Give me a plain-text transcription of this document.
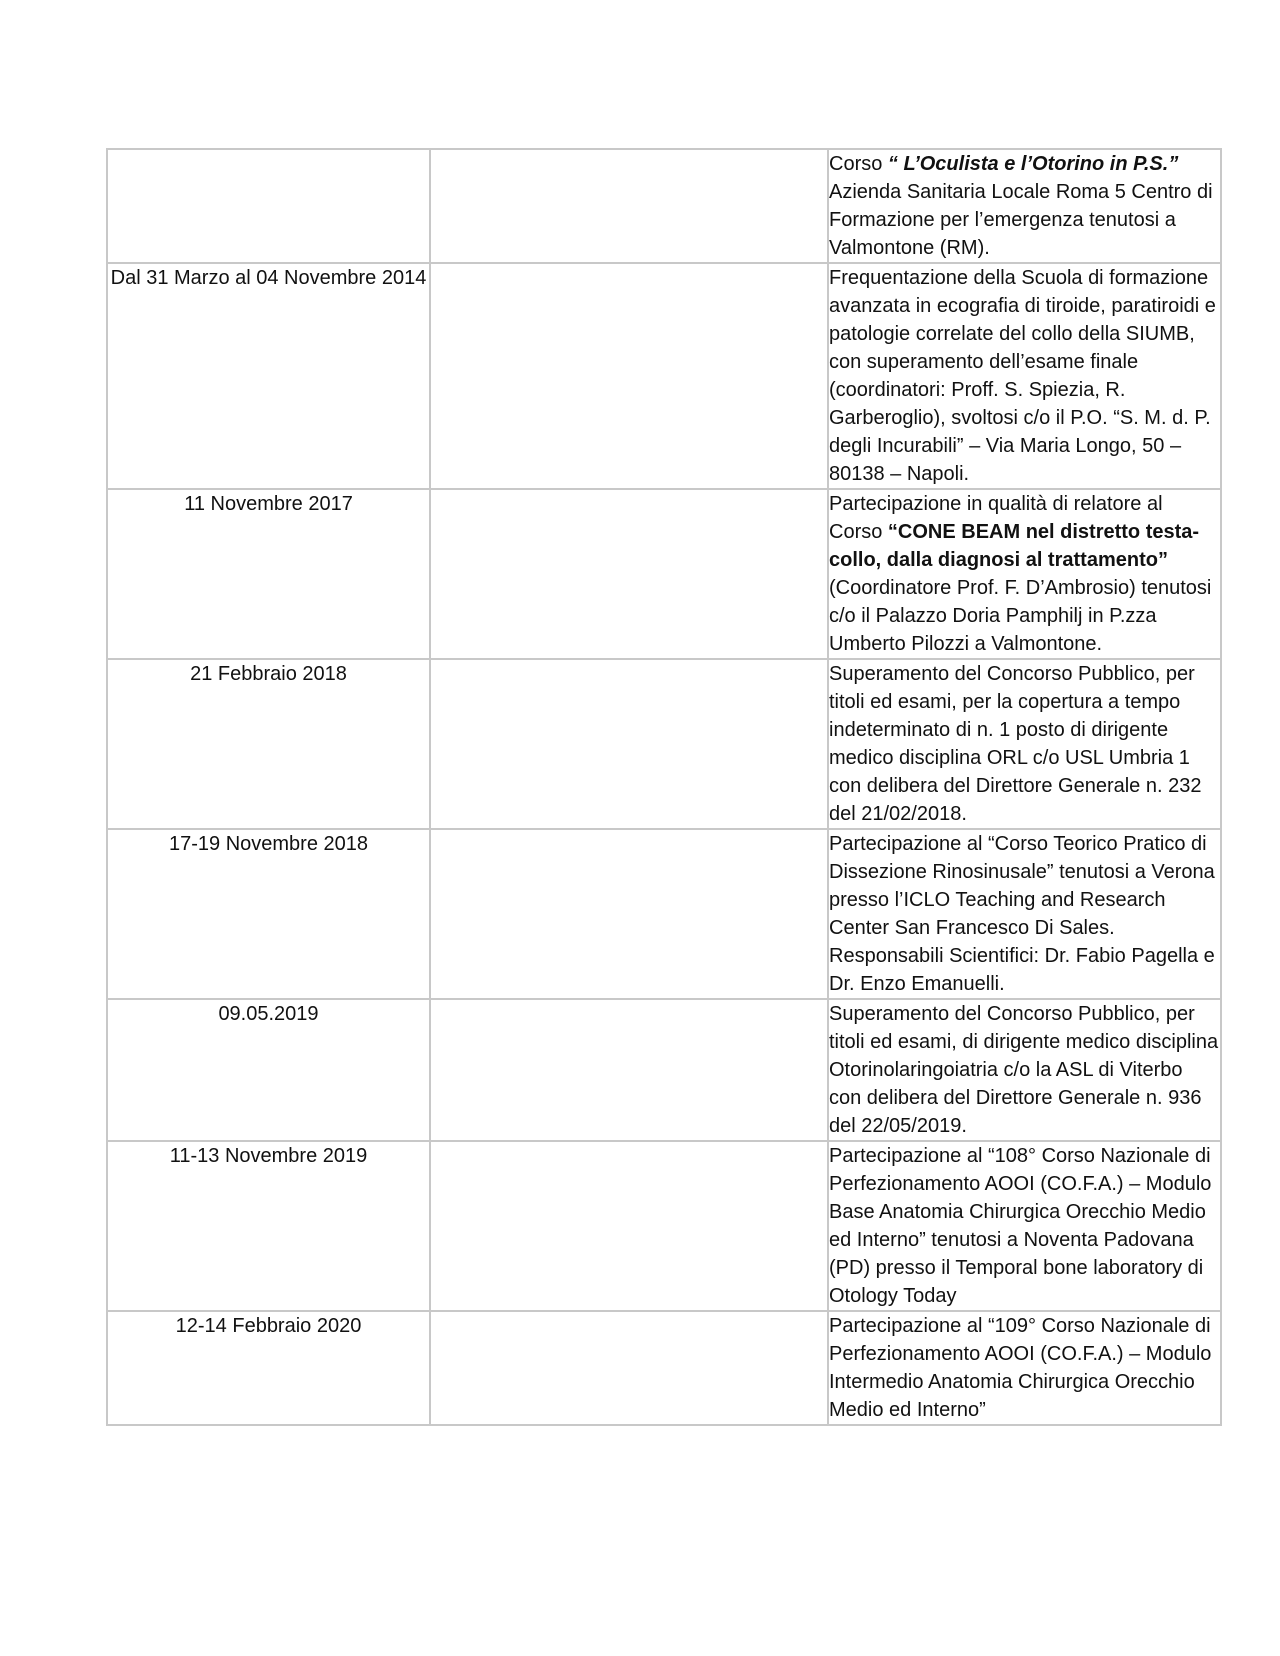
		Corso “ L’Oculista e l’Otorino in P.S.” Azienda Sanitaria Locale Roma 5 Centro di Formazione per l’emergenza tenutosi a Valmontone (RM).

Dal 31 Marzo al 04 Novembre 2014		Frequentazione della Scuola di formazione avanzata in ecografia di tiroide, paratiroidi e patologie correlate del collo della SIUMB, con superamento dell’esame finale (coordinatori: Proff. S. Spiezia, R. Garberoglio), svoltosi c/o il P.O. “S. M. d. P. degli Incurabili” – Via Maria Longo, 50 – 80138 – Napoli.

11 Novembre 2017		Partecipazione in qualità di relatore al Corso “CONE BEAM nel distretto testa-collo, dalla diagnosi al trattamento” (Coordinatore Prof. F. D’Ambrosio) tenutosi c/o il Palazzo Doria Pamphilj in P.zza Umberto Pilozzi a Valmontone.

21 Febbraio 2018		Superamento del Concorso Pubblico, per titoli ed esami, per la copertura a tempo indeterminato di n. 1 posto di dirigente medico disciplina ORL c/o USL Umbria 1 con delibera del Direttore Generale n. 232 del 21/02/2018.

17-19 Novembre 2018		Partecipazione al “Corso Teorico Pratico di Dissezione Rinosinusale” tenutosi a Verona presso l’ICLO Teaching and Research Center San Francesco Di Sales. Responsabili Scientifici: Dr. Fabio Pagella e Dr. Enzo Emanuelli.

09.05.2019		Superamento del Concorso Pubblico, per titoli ed esami, di dirigente medico disciplina Otorinolaringoiatria c/o la ASL di Viterbo con delibera del Direttore Generale n. 936 del 22/05/2019.

11-13 Novembre 2019		Partecipazione al “108° Corso Nazionale di Perfezionamento AOOI (CO.F.A.) – Modulo Base Anatomia Chirurgica Orecchio Medio ed Interno” tenutosi a Noventa Padovana (PD) presso il Temporal bone laboratory di Otology Today

12-14 Febbraio 2020		Partecipazione al “109° Corso Nazionale di Perfezionamento AOOI (CO.F.A.) – Modulo Intermedio Anatomia Chirurgica Orecchio Medio ed Interno”
